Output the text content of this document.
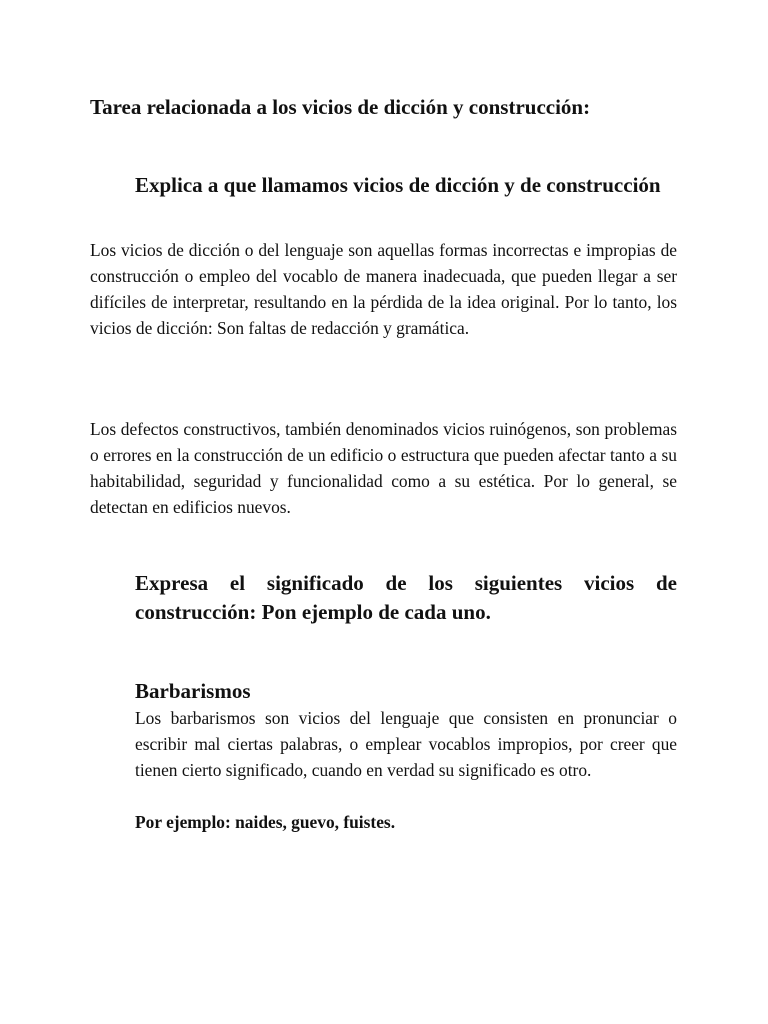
Tarea relacionada a los vicios de dicción y construcción:
Explica a que llamamos vicios de dicción y de construcción

Los vicios de dicción o del lenguaje son aquellas formas incorrectas e impropias de construcción o empleo del vocablo de manera inadecuada, que pueden llegar a ser difíciles de interpretar, resultando en la pérdida de la idea original. Por lo tanto, los vicios de dicción: Son faltas de redacción y gramática.

Los defectos constructivos, también denominados vicios ruinógenos, son problemas o errores en la construcción de un edificio o estructura que pueden afectar tanto a su habitabilidad, seguridad y funcionalidad como a su estética. Por lo general, se detectan en edificios nuevos.

Expresa el significado de los siguientes vicios de construcción: Pon ejemplo de cada uno.
Barbarismos

Los barbarismos son vicios del lenguaje que consisten en pronunciar o escribir mal ciertas palabras, o emplear vocablos impropios, por creer que tienen cierto significado, cuando en verdad su significado es otro.

Por ejemplo: naides, guevo, fuistes.
